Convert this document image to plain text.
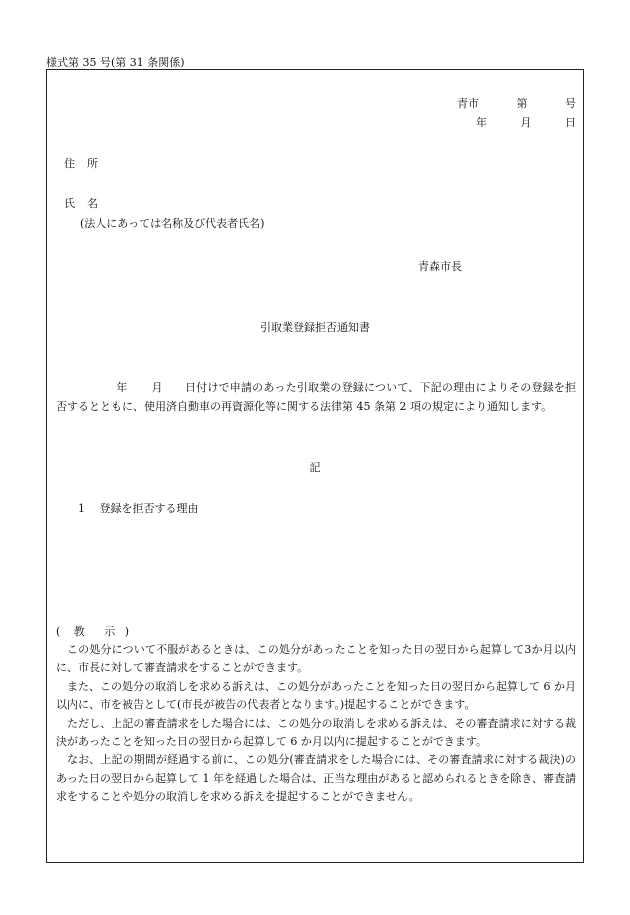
様式第 35 号(第 31 条関係)
青市	第	号
年	月	日
住所
氏名
(法人にあっては名称及び代表者氏名)
青森市長
引取業登録拒否通知書
年 月 日付けで申請のあった引取業の登録について、下記の理由によりその登録を拒否するとともに、使用済自動車の再資源化等に関する法律第 45 条第 2 項の規定により通知します。
記
1 登録を拒否する理由
( 教 示 )

この処分について不服があるときは、この処分があったことを知った日の翌日から起算して3か月以内に、市長に対して審査請求をすることができます。

また、この処分の取消しを求める訴えは、この処分があったことを知った日の翌日から起算して 6 か月以内に、市を被告として(市長が被告の代表者となります。)提起することができます。

ただし、上記の審査請求をした場合には、この処分の取消しを求める訴えは、その審査請求に対する裁決があったことを知った日の翌日から起算して 6 か月以内に提起することができます。

なお、上記の期間が経過する前に、この処分(審査請求をした場合には、その審査請求に対する裁決)のあった日の翌日から起算して 1 年を経過した場合は、正当な理由があると認められるときを除き、審査請求をすることや処分の取消しを求める訴えを提起することができません。
